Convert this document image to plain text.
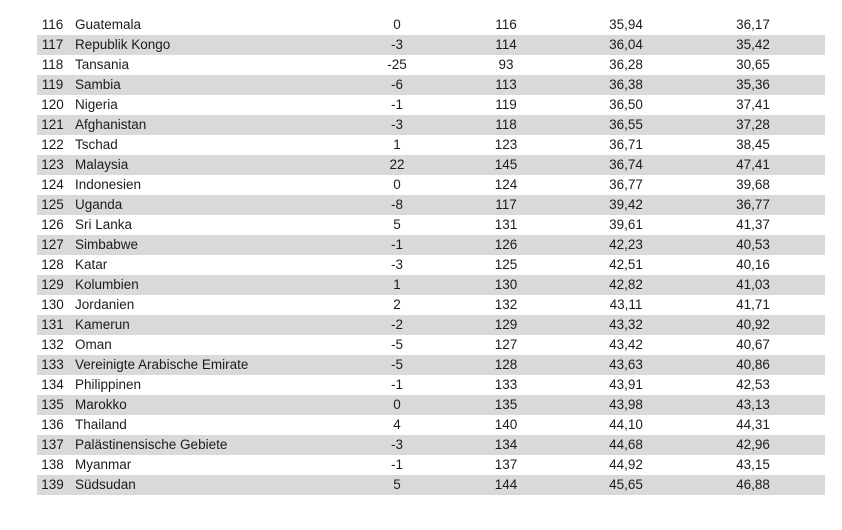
116	Guatemala	0	116	35,94	36,17	
117	Republik Kongo	-3	114	36,04	35,42	
118	Tansania	-25	93	36,28	30,65	
119	Sambia	-6	113	36,38	35,36	
120	Nigeria	-1	119	36,50	37,41	
121	Afghanistan	-3	118	36,55	37,28	
122	Tschad	1	123	36,71	38,45	
123	Malaysia	22	145	36,74	47,41	
124	Indonesien	0	124	36,77	39,68	
125	Uganda	-8	117	39,42	36,77	
126	Sri Lanka	5	131	39,61	41,37	
127	Simbabwe	-1	126	42,23	40,53	
128	Katar	-3	125	42,51	40,16	
129	Kolumbien	1	130	42,82	41,03	
130	Jordanien	2	132	43,11	41,71	
131	Kamerun	-2	129	43,32	40,92	
132	Oman	-5	127	43,42	40,67	
133	Vereinigte Arabische Emirate	-5	128	43,63	40,86	
134	Philippinen	-1	133	43,91	42,53	
135	Marokko	0	135	43,98	43,13	
136	Thailand	4	140	44,10	44,31	
137	Palästinensische Gebiete	-3	134	44,68	42,96	
138	Myanmar	-1	137	44,92	43,15	
139	Südsudan	5	144	45,65	46,88	
